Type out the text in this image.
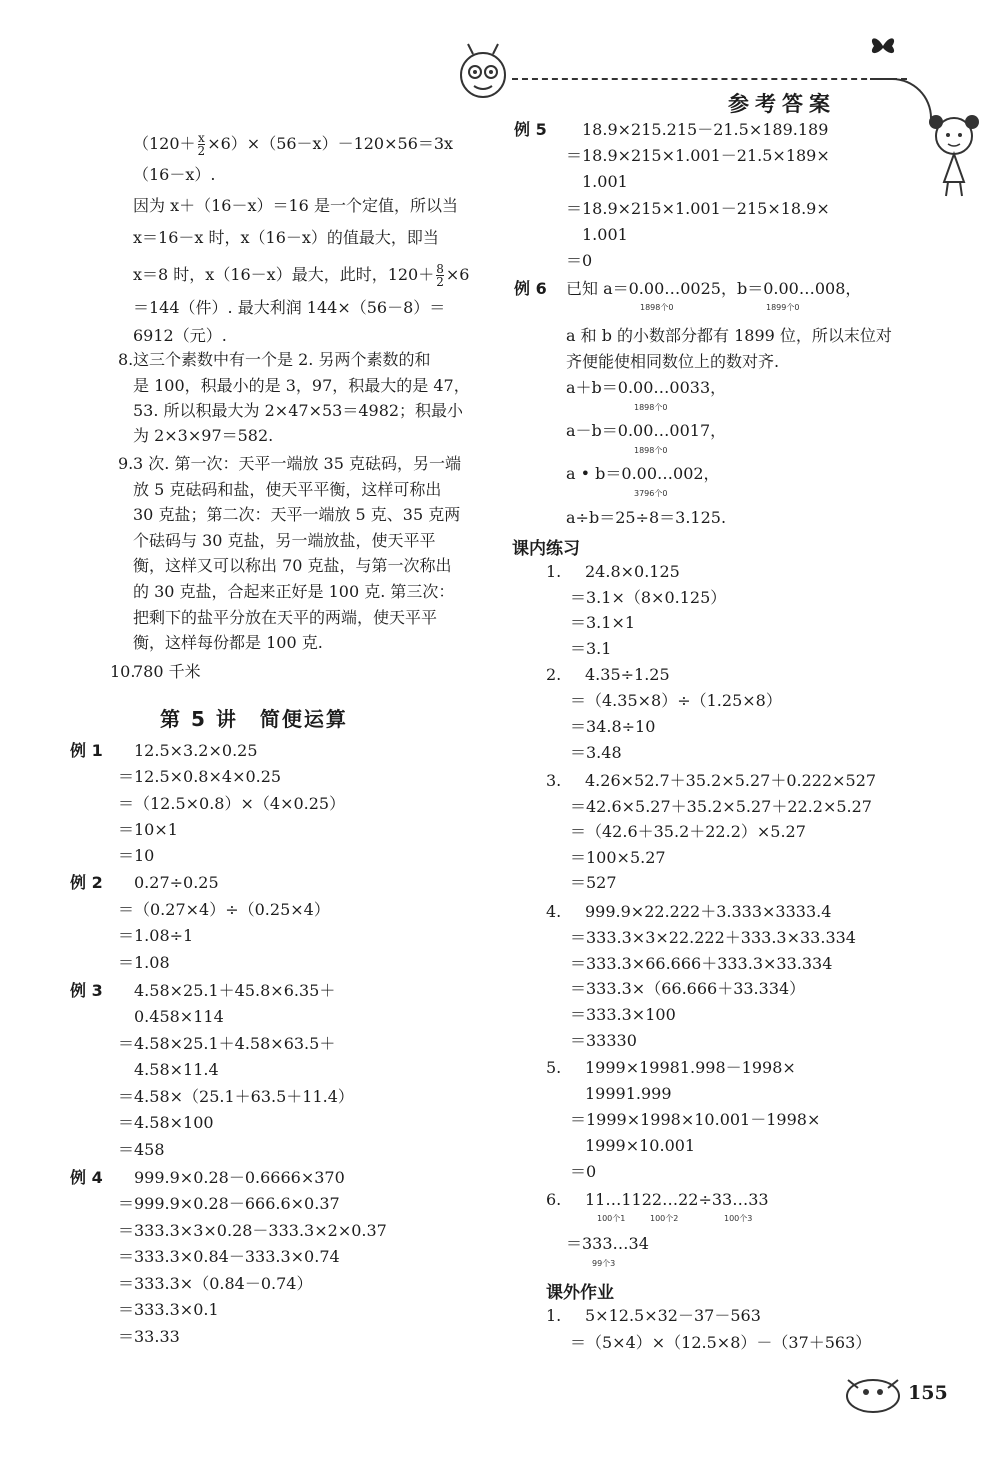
参考答案
$(120+ \frac{x}{2} \times 6)\times(56-x)-120\times 56=3x$
（16－x）.
因为 x＋（16－x）＝16 是一个定值，所以当
x＝16－x 时，x（16－x）的值最大，即当
x＝8 时，x（16－x）最大，此时，$120+ \frac{8}{2} \times 6$
＝144（件）. 最大利润 144×（56－8）＝
6912（元）.
8. 这三个素数中有一个是 2. 另两个素数的和
是 100，积最小的是 3，97，积最大的是 47，
53. 所以积最大为 2×47×53＝4982；积最小
为 2×3×97＝582.
9. 3 次. 第一次：天平一端放 35 克砝码，另一端
放 5 克砝码和盐，使天平平衡，这样可称出
30 克盐；第二次：天平一端放 5 克、35 克两
个砝码与 30 克盐，另一端放盐，使天平平
衡，这样又可以称出 70 克盐，与第一次称出
的 30 克盐，合起来正好是 100 克. 第三次：
把剩下的盐平分放在天平的两端，使天平平
衡，这样每份都是 100 克.
10.
780 千米
第 5 讲　简便运算
例 1 12.5×3.2×0.25
＝12.5×0.8×4×0.25
＝（12.5×0.8）×（4×0.25）
＝10×1
＝10
例 2 0.27÷0.25
＝（0.27×4）÷（0.25×4）
＝1.08÷1
＝1.08
例 3 4.58×25.1＋45.8×6.35＋
0.458×114
＝4.58×25.1＋4.58×63.5＋
4.58×11.4
＝4.58×（25.1＋63.5＋11.4）
＝4.58×100
＝458
例 4 999.9×0.28－0.6666×370
＝999.9×0.28－666.6×0.37
＝333.3×3×0.28－333.3×2×0.37
＝333.3×0.84－333.3×0.74
＝333.3×（0.84－0.74）
＝333.3×0.1
＝33.33
例 5 18.9×215.215－21.5×189.189
＝18.9×215×1.001－21.5×189×
1.001
＝18.9×215×1.001－215×18.9×
1.001
＝0
例 6 已知 a＝0.00…0025，b＝0.00…008，
1898个0	1899个0
a 和 b 的小数部分都有 1899 位，所以末位对
齐便能使相同数位上的数对齐.
a＋b＝0.00…0033，
1898个0
a－b＝0.00…0017，
1898个0
a • b＝0.00…002，
3796个0
a÷b＝25÷8＝3.125.
课内练习
1. 24.8×0.125
＝3.1×（8×0.125）
＝3.1×1
＝3.1
2. 4.35÷1.25
＝（4.35×8）÷（1.25×8）
＝34.8÷10
＝3.48
3. 4.26×52.7＋35.2×5.27＋0.222×527
＝42.6×5.27＋35.2×5.27＋22.2×5.27
＝（42.6＋35.2＋22.2）×5.27
＝100×5.27
＝527
4. 999.9×22.222＋3.333×3333.4
＝333.3×3×22.222＋333.3×33.334
＝333.3×66.666＋333.3×33.334
＝333.3×（66.666＋33.334）
＝333.3×100
＝33330
5. 1999×19981.998－1998×
19991.999
＝1999×1998×10.001－1998×
1999×10.001
＝0
6. 11…1122…22÷33…33
100个1	100个2	100个3
＝333…34
99个3
课外作业
1. 5×12.5×32－37－563
＝（5×4）×（12.5×8）－（37＋563）
155
